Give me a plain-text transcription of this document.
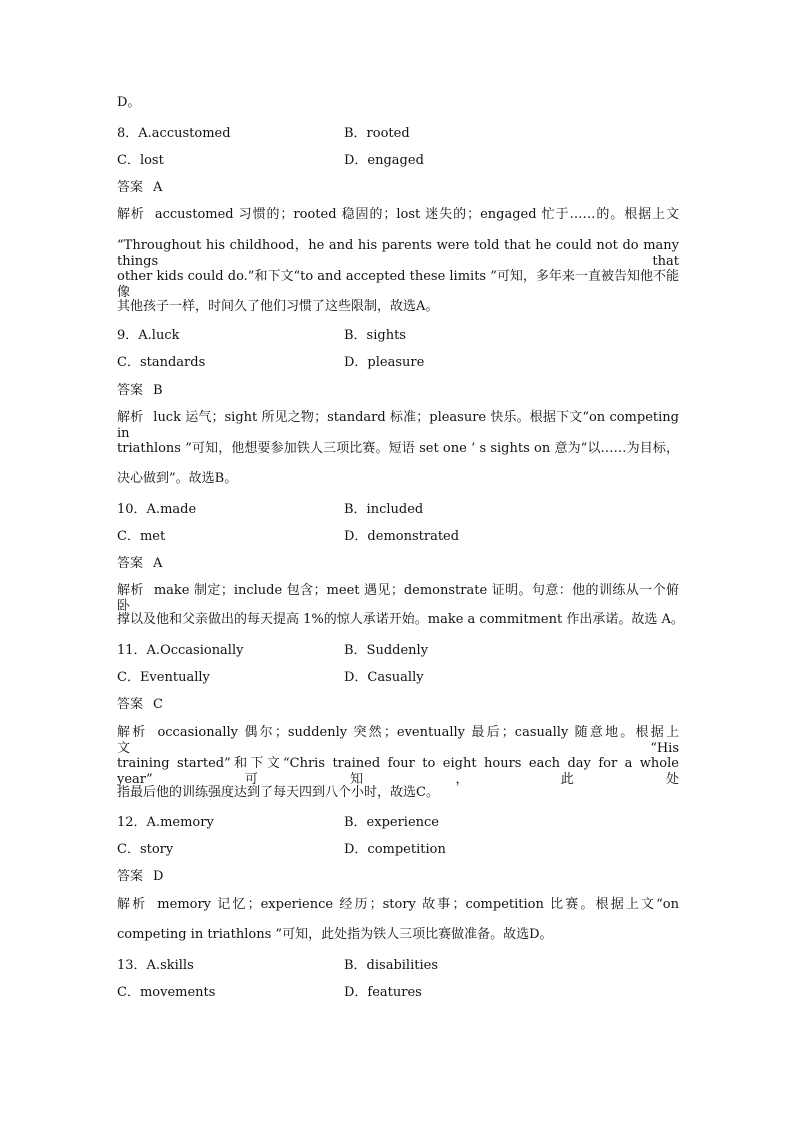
D。
8．A.accustomed	B．rooted
C．lost	D．engaged
答案 A
解析 accustomed 习惯的；rooted 稳固的；lost 迷失的；engaged 忙于……的。根据上文
“Throughout his childhood，he and his parents were told that he could not do many things that
other kids could do.”和下文“to and accepted these limits ”可知，多年来一直被告知他不能像
其他孩子一样，时间久了他们习惯了这些限制，故选A。
9．A.luck	B．sights
C．standards	D．pleasure
答案 B
解析 luck 运气；sight 所见之物；standard 标准；pleasure 快乐。根据下文“on competing in
triathlons ”可知，他想要参加铁人三项比赛。短语 set one ’ s sights on 意为“以……为目标，
决心做到”。故选B。
10．A.made	B．included
C．met	D．demonstrated
答案 A
解析 make 制定；include 包含；meet 遇见；demonstrate 证明。句意：他的训练从一个俯卧
撑以及他和父亲做出的每天提高 1%的惊人承诺开始。make a commitment 作出承诺。故选 A。
11．A.Occasionally	B．Suddenly
C．Eventually	D．Casually
答案 C
解析 occasionally 偶尔；suddenly 突然；eventually 最后；casually 随意地。根据上文“His
training started”和下文“Chris trained four to eight hours each day for a whole year”可知，此处
指最后他的训练强度达到了每天四到八个小时，故选C。
12．A.memory	B．experience
C．story	D．competition
答案 D
解析 memory 记忆；experience 经历；story 故事；competition 比赛。根据上文“on
competing in triathlons ”可知，此处指为铁人三项比赛做准备。故选D。
13．A.skills	B．disabilities
C．movements	D．features
